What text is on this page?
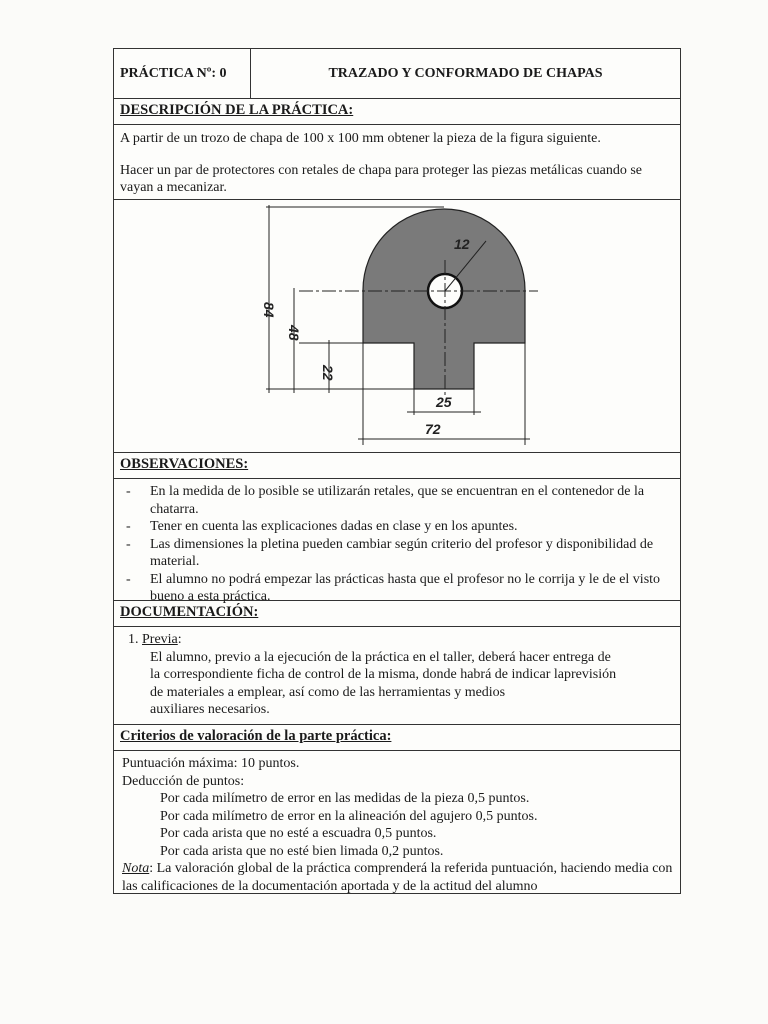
PRÁCTICA Nº: 0	TRAZADO Y CONFORMADO DE CHAPAS
DESCRIPCIÓN DE LA PRÁCTICA:

A partir de un trozo de chapa de 100 x 100 mm obtener la pieza de la figura siguiente.

Hacer un par de protectores con retales de chapa para proteger las piezas metálicas cuando se vayan a mecanizar.

12
84
48
22
25
72
OBSERVACIONES:
- En la medida de lo posible se utilizarán retales, que se encuentran en el contenedor de la chatarra.
- Tener en cuenta las explicaciones dadas en clase y en los apuntes.
- Las dimensiones la pletina pueden cambiar según criterio del profesor y disponibilidad de material.
- El alumno no podrá empezar las prácticas hasta que el profesor no le corrija y le de el visto bueno a esta práctica.
DOCUMENTACIÓN:
1. Previa:
El alumno, previo a la ejecución de la práctica en el taller, deberá hacer entrega de
la correspondiente ficha de control de la misma, donde habrá de indicar laprevisión
de materiales a emplear, así como de las herramientas y medios
auxiliares necesarios.
Criterios de valoración de la parte práctica:
Puntuación máxima: 10 puntos.
Deducción de puntos:
Por cada milímetro de error en las medidas de la pieza 0,5 puntos.
Por cada milímetro de error en la alineación del agujero 0,5 puntos.
Por cada arista que no esté a escuadra 0,5 puntos.
Por cada arista que no esté bien limada 0,2 puntos.
Nota: La valoración global de la práctica comprenderá la referida puntuación, haciendo media con las calificaciones de la documentación aportada y de la actitud del alumno
